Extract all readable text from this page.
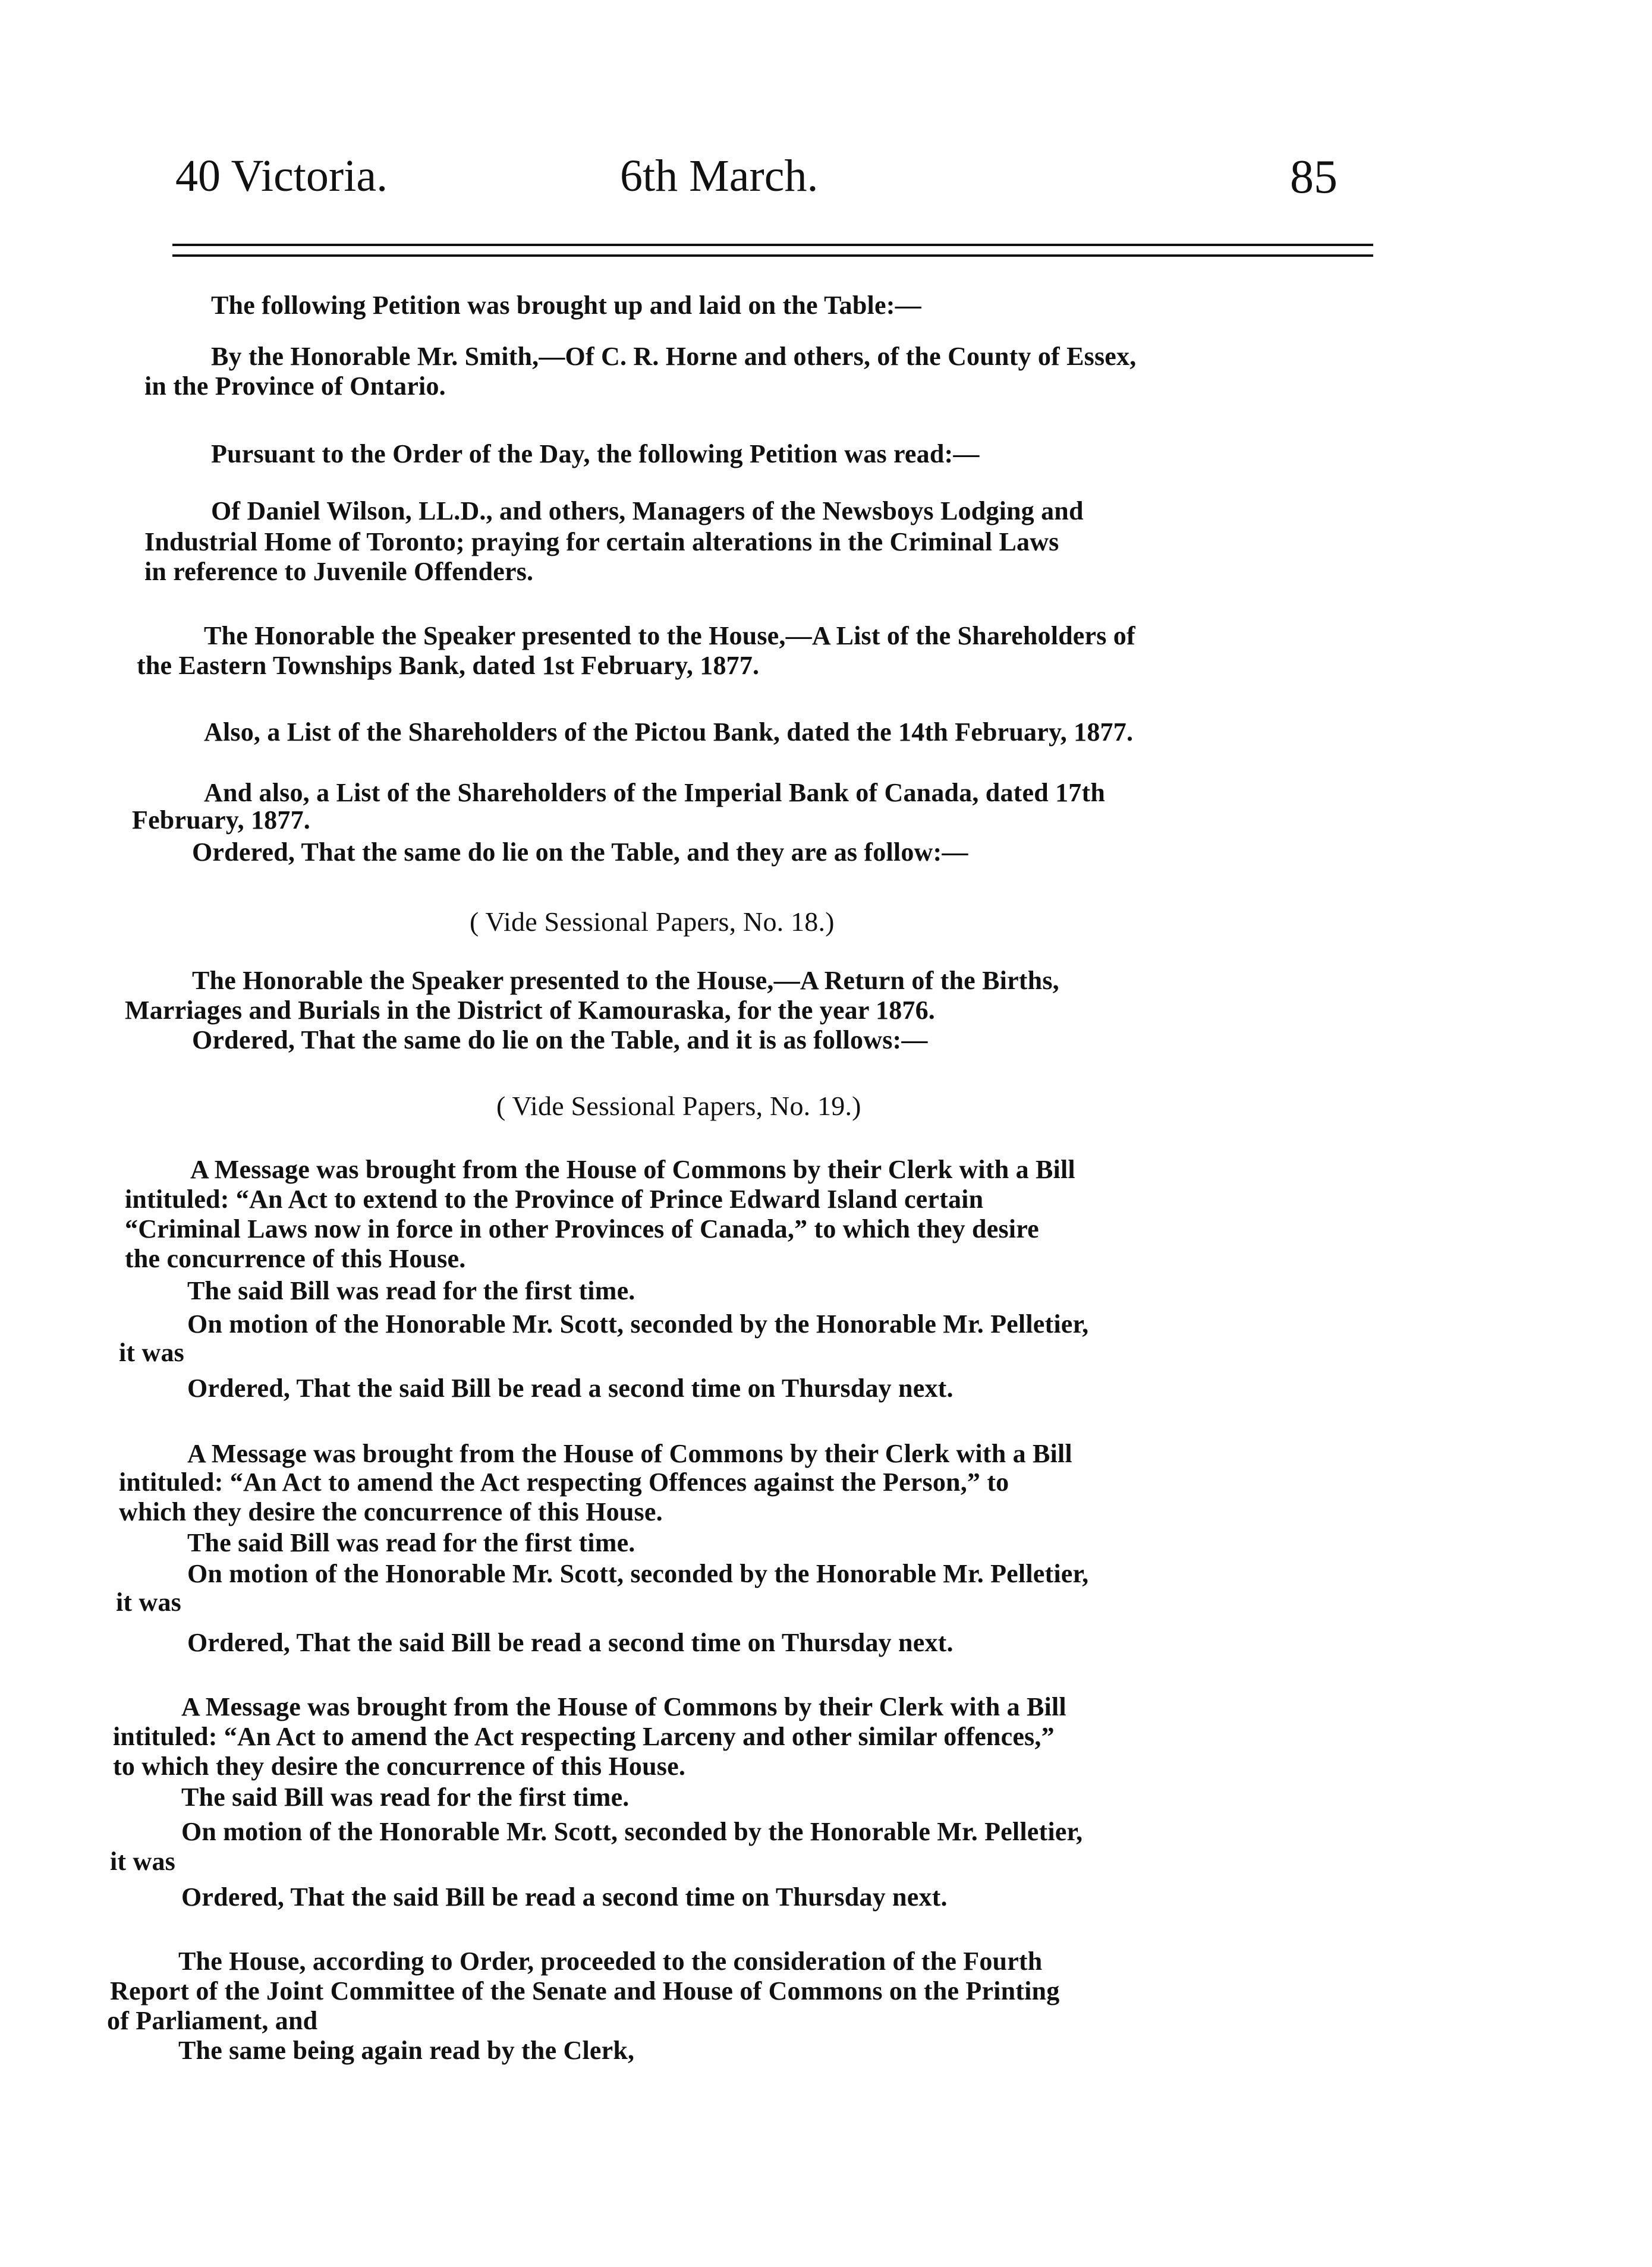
40 Victoria.	6th March.	85
The following Petition was brought up and laid on the Table:—
By the Honorable Mr. Smith,—Of C. R. Horne and others, of the County of Essex,
in the Province of Ontario.
Pursuant to the Order of the Day, the following Petition was read:—
Of Daniel Wilson, LL.D., and others, Managers of the Newsboys Lodging and
Industrial Home of Toronto; praying for certain alterations in the Criminal Laws
in reference to Juvenile Offenders.
The Honorable the Speaker presented to the House,—A List of the Shareholders of
the Eastern Townships Bank, dated 1st February, 1877.
Also, a List of the Shareholders of the Pictou Bank, dated the 14th February, 1877.
And also, a List of the Shareholders of the Imperial Bank of Canada, dated 17th
February, 1877.
Ordered, That the same do lie on the Table, and they are as follow:—
( Vide Sessional Papers, No. 18.)
The Honorable the Speaker presented to the House,—A Return of the Births,
Marriages and Burials in the District of Kamouraska, for the year 1876.
Ordered, That the same do lie on the Table, and it is as follows:—
( Vide Sessional Papers, No. 19.)
A Message was brought from the House of Commons by their Clerk with a Bill
intituled: “An Act to extend to the Province of Prince Edward Island certain
“Criminal Laws now in force in other Provinces of Canada,” to which they desire
the concurrence of this House.
The said Bill was read for the first time.
On motion of the Honorable Mr. Scott, seconded by the Honorable Mr. Pelletier,
it was
Ordered, That the said Bill be read a second time on Thursday next.
A Message was brought from the House of Commons by their Clerk with a Bill
intituled: “An Act to amend the Act respecting Offences against the Person,” to
which they desire the concurrence of this House.
The said Bill was read for the first time.
On motion of the Honorable Mr. Scott, seconded by the Honorable Mr. Pelletier,
it was
Ordered, That the said Bill be read a second time on Thursday next.
A Message was brought from the House of Commons by their Clerk with a Bill
intituled: “An Act to amend the Act respecting Larceny and other similar offences,”
to which they desire the concurrence of this House.
The said Bill was read for the first time.
On motion of the Honorable Mr. Scott, seconded by the Honorable Mr. Pelletier,
it was
Ordered, That the said Bill be read a second time on Thursday next.
The House, according to Order, proceeded to the consideration of the Fourth
Report of the Joint Committee of the Senate and House of Commons on the Printing
of Parliament, and
The same being again read by the Clerk,
